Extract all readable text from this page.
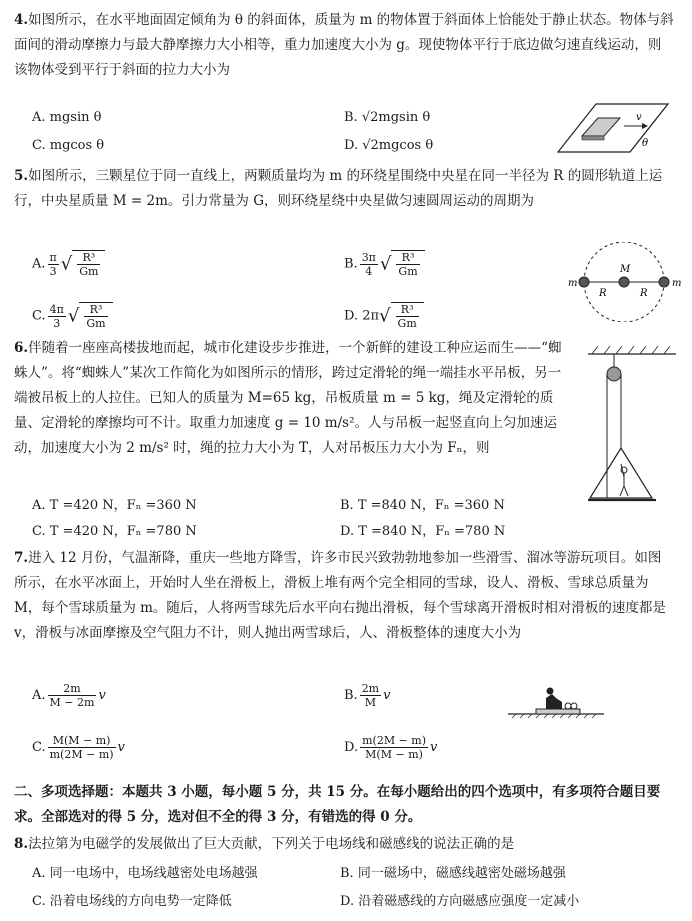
4.如图所示，在水平地面固定倾角为 θ 的斜面体，质量为 m 的物体置于斜面体上恰能处于静止状态。物体与斜面间的滑动摩擦力与最大静摩擦力大小相等，重力加速度大小为 g。现使物体平行于底边做匀速直线运动，则该物体受到平行于斜面的拉力大小为

A. mgsin θ	B. √2mgsin θ
C. mgcos θ	D. √2mgcos θ
v
θ

5.如图所示，三颗星位于同一直线上，两颗质量均为 m 的环绕星围绕中央星在同一半径为 R 的圆形轨道上运行，中央星质量 M = 2m。引力常量为 G，则环绕星绕中央星做匀速圆周运动的周期为

A. $\frac{\pi}{3}$ √ $\frac{\text{R³}}{Gm}$	B. $\frac{3\pi}{4}$ √ $\frac{\text{R³}}{Gm}$
C. $\frac{4\pi}{3}$ √ $\frac{\text{R³}}{Gm}$	D. $2\pi√ \frac{\text{R³}}{Gm}$
m	m
M
R	R

6.伴随着一座座高楼拔地而起，城市化建设步步推进，一个新鲜的建设工种应运而生——“蜘蛛人”。将“蜘蛛人”某次工作简化为如图所示的情形，跨过定滑轮的绳一端挂水平吊板，另一端被吊板上的人拉住。已知人的质量为 M=65 kg，吊板质量 m = 5 kg，绳及定滑轮的质量、定滑轮的摩擦均可不计。取重力加速度 g = 10 m/s²。人与吊板一起竖直向上匀加速运动，加速度大小为 2 m/s² 时，绳的拉力大小为 T，人对吊板压力大小为 Fₙ，则

A. T =420 N，Fₙ =360 N	B. T =840 N，Fₙ =360 N
C. T =420 N，Fₙ =780 N	D. T =840 N，Fₙ =780 N

7.进入 12 月份，气温渐降，重庆一些地方降雪，许多市民兴致勃勃地参加一些滑雪、溜冰等游玩项目。如图所示，在水平冰面上，开始时人坐在滑板上，滑板上堆有两个完全相同的雪球，设人、滑板、雪球总质量为 M，每个雪球质量为 m。随后，人将两雪球先后水平向右抛出滑板，每个雪球离开滑板时相对滑板的速度都是 v，滑板与冰面摩擦及空气阻力不计，则人抛出两雪球后，人、滑板整体的速度大小为

A. $\frac{2m}{M - 2m}$ v	B. $\frac{2m}{M}$ v
C. $\frac{M(M - m)}{m(2M - m)}$ v	D. $\frac{m(2M - m)}{M(M - m)}$ v

二、多项选择题：本题共 3 小题，每小题 5 分，共 15 分。在每小题给出的四个选项中，有多项符合题目要求。全部选对的得 5 分，选对但不全的得 3 分，有错选的得 0 分。

8.法拉第为电磁学的发展做出了巨大贡献，下列关于电场线和磁感线的说法正确的是

A. 同一电场中，电场线越密处电场越强	B. 同一磁场中，磁感线越密处磁场越强
C. 沿着电场线的方向电势一定降低	D. 沿着磁感线的方向磁感应强度一定减小
